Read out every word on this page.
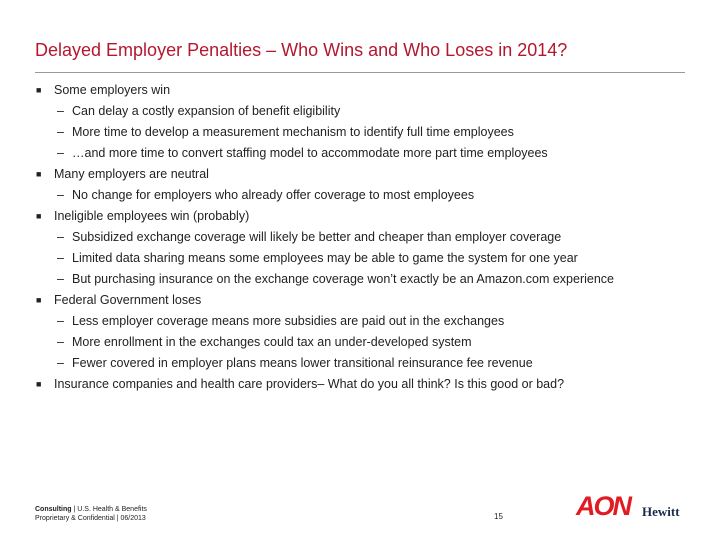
Delayed Employer Penalties – Who Wins and Who Loses in 2014?
■	Some employers win
– Can delay a costly expansion of benefit eligibility
– More time to develop a measurement mechanism to identify full time employees
– …and more time to convert staffing model to accommodate more part time employees
■	Many employers are neutral
– No change for employers who already offer coverage to most employees
■	Ineligible employees win (probably)
– Subsidized exchange coverage will likely be better and cheaper than employer coverage
– Limited data sharing means some employees may be able to game the system for one year
– But purchasing insurance on the exchange coverage won’t exactly be an Amazon.com experience
■	Federal Government loses
– Less employer coverage means more subsidies are paid out in the exchanges
– More enrollment in the exchanges could tax an under-developed system
– Fewer covered in employer plans means lower transitional reinsurance fee revenue
■	Insurance companies and health care providers– What do you all think? Is this good or bad?
Consulting | U.S. Health & Benefits
Proprietary & Confidential | 06/2013	15	AON Hewitt
